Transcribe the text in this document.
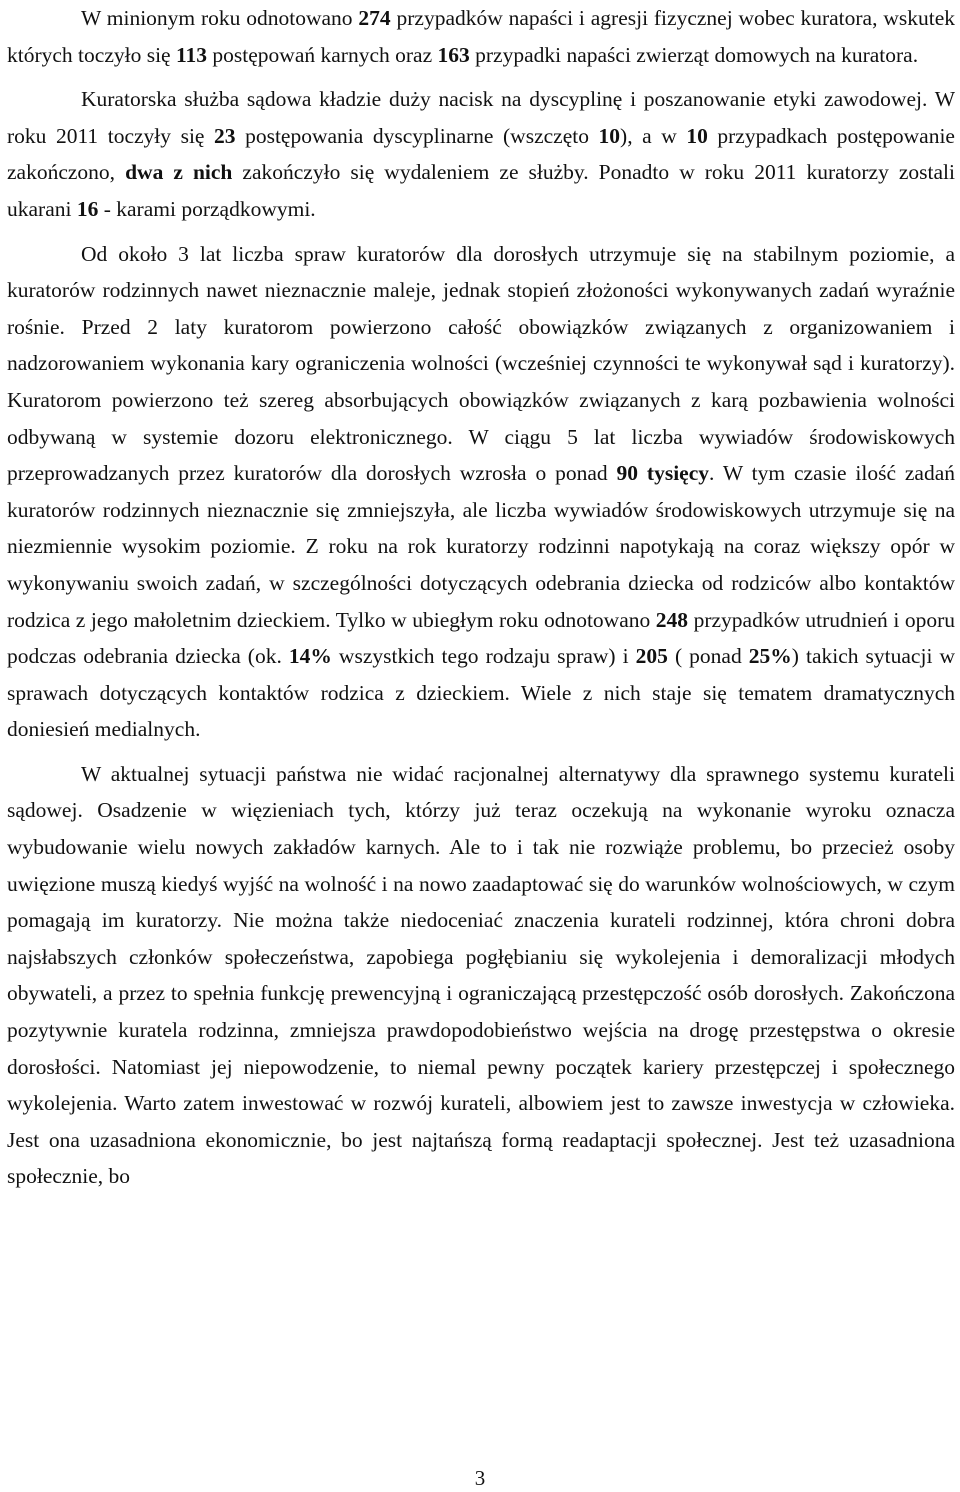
W minionym roku odnotowano 274 przypadków napaści i agresji fizycznej wobec kuratora, wskutek których toczyło się 113 postępowań karnych oraz 163 przypadki napaści zwierząt domowych na kuratora.

Kuratorska służba sądowa kładzie duży nacisk na dyscyplinę i poszanowanie etyki zawodowej. W roku 2011 toczyły się 23 postępowania dyscyplinarne (wszczęto 10), a w 10 przypadkach postępowanie zakończono, dwa z nich zakończyło się wydaleniem ze służby. Ponadto w roku 2011 kuratorzy zostali ukarani 16 - karami porządkowymi.

Od około 3 lat liczba spraw kuratorów dla dorosłych utrzymuje się na stabilnym poziomie, a kuratorów rodzinnych nawet nieznacznie maleje, jednak stopień złożoności wykonywanych zadań wyraźnie rośnie. Przed 2 laty kuratorom powierzono całość obowiązków związanych z organizowaniem i nadzorowaniem wykonania kary ograniczenia wolności (wcześniej czynności te wykonywał sąd i kuratorzy). Kuratorom powierzono też szereg absorbujących obowiązków związanych z karą pozbawienia wolności odbywaną w systemie dozoru elektronicznego. W ciągu 5 lat liczba wywiadów środowiskowych przeprowadzanych przez kuratorów dla dorosłych wzrosła o ponad 90 tysięcy. W tym czasie ilość zadań kuratorów rodzinnych nieznacznie się zmniejszyła, ale liczba wywiadów środowiskowych utrzymuje się na niezmiennie wysokim poziomie. Z roku na rok kuratorzy rodzinni napotykają na coraz większy opór w wykonywaniu swoich zadań, w szczególności dotyczących odebrania dziecka od rodziców albo kontaktów rodzica z jego małoletnim dzieckiem. Tylko w ubiegłym roku odnotowano 248 przypadków utrudnień i oporu podczas odebrania dziecka (ok. 14% wszystkich tego rodzaju spraw) i 205 ( ponad 25%) takich sytuacji w sprawach dotyczących kontaktów rodzica z dzieckiem. Wiele z nich staje się tematem dramatycznych doniesień medialnych.

W aktualnej sytuacji państwa nie widać racjonalnej alternatywy dla sprawnego systemu kurateli sądowej. Osadzenie w więzieniach tych, którzy już teraz oczekują na wykonanie wyroku oznacza wybudowanie wielu nowych zakładów karnych. Ale to i tak nie rozwiąże problemu, bo przecież osoby uwięzione muszą kiedyś wyjść na wolność i na nowo zaadaptować się do warunków wolnościowych, w czym pomagają im kuratorzy. Nie można także niedoceniać znaczenia kurateli rodzinnej, która chroni dobra najsłabszych członków społeczeństwa, zapobiega pogłębianiu się wykolejenia i demoralizacji młodych obywateli, a przez to spełnia funkcję prewencyjną i ograniczającą przestępczość osób dorosłych. Zakończona pozytywnie kuratela rodzinna, zmniejsza prawdopodobieństwo wejścia na drogę przestępstwa o okresie dorosłości. Natomiast jej niepowodzenie, to niemal pewny początek kariery przestępczej i społecznego wykolejenia. Warto zatem inwestować w rozwój kurateli, albowiem jest to zawsze inwestycja w człowieka. Jest ona uzasadniona ekonomicznie, bo jest najtańszą formą readaptacji społecznej. Jest też uzasadniona społecznie, bo

3
